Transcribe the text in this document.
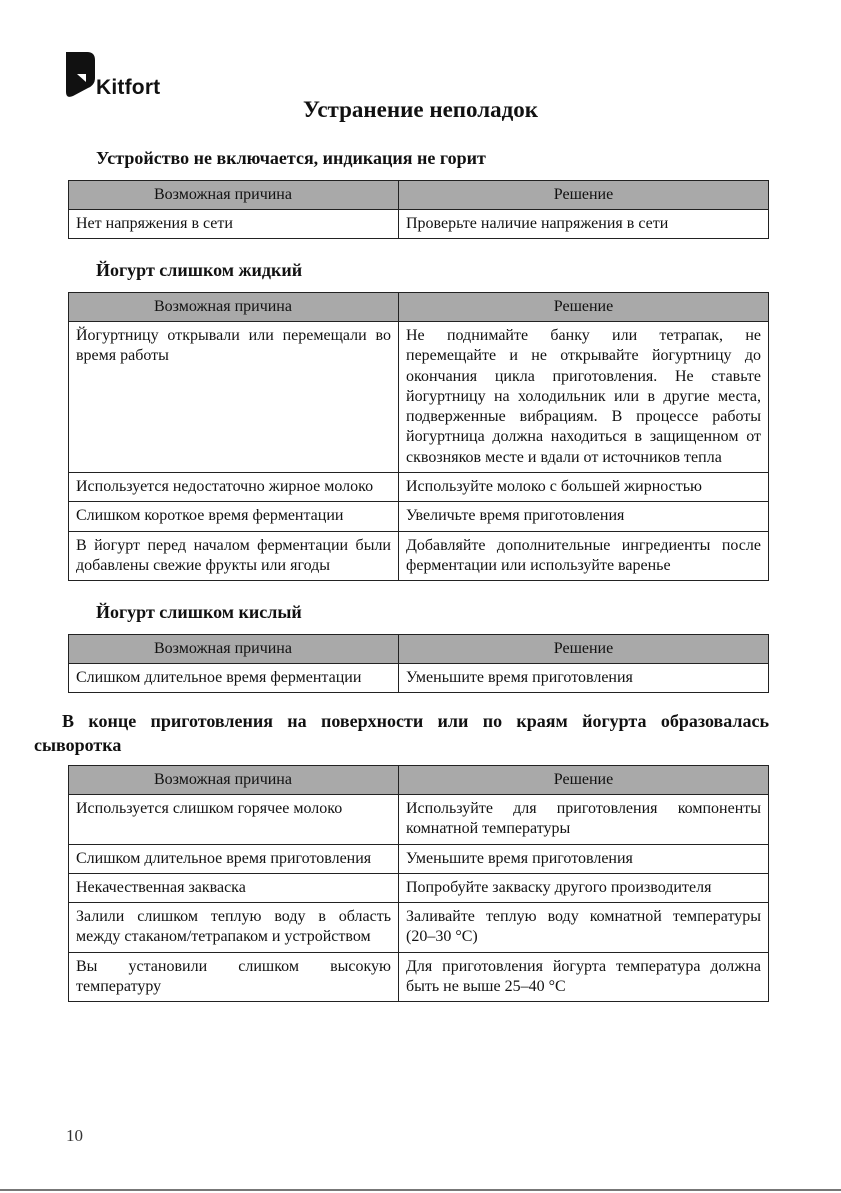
Kitfort
Устранение неполадок
Устройство не включается, индикация не горит
Возможная причина	Решение
Нет напряжения в сети	Проверьте наличие напряжения в сети
Йогурт слишком жидкий
Возможная причина	Решение
Йогуртницу открывали или перемещали во время работы	Не поднимайте банку или тетрапак, не перемещайте и не открывайте йогуртницу до окончания цикла приготовления. Не ставьте йогуртницу на холодильник или в другие места, подверженные вибрациям. В процессе работы йогуртница должна находиться в защищенном от сквозняков месте и вдали от источников тепла
Используется недостаточно жирное молоко	Используйте молоко с большей жирностью
Слишком короткое время ферментации	Увеличьте время приготовления
В йогурт перед началом ферментации были добавлены свежие фрукты или ягоды	Добавляйте дополнительные ингредиенты после ферментации или используйте варенье
Йогурт слишком кислый
Возможная причина	Решение
Слишком длительное время ферментации	Уменьшите время приготовления
В конце приготовления на поверхности или по краям йогурта образовалась сыворотка
Возможная причина	Решение
Используется слишком горячее молоко	Используйте для приготовления компоненты комнатной температуры
Слишком длительное время приготовления	Уменьшите время приготовления
Некачественная закваска	Попробуйте закваску другого производителя
Залили слишком теплую воду в область между стаканом/тетрапаком и устройством	Заливайте теплую воду комнатной температуры (20–30 °C)
Вы установили слишком высокую температуру	Для приготовления йогурта температура должна быть не выше 25–40 °C
10
